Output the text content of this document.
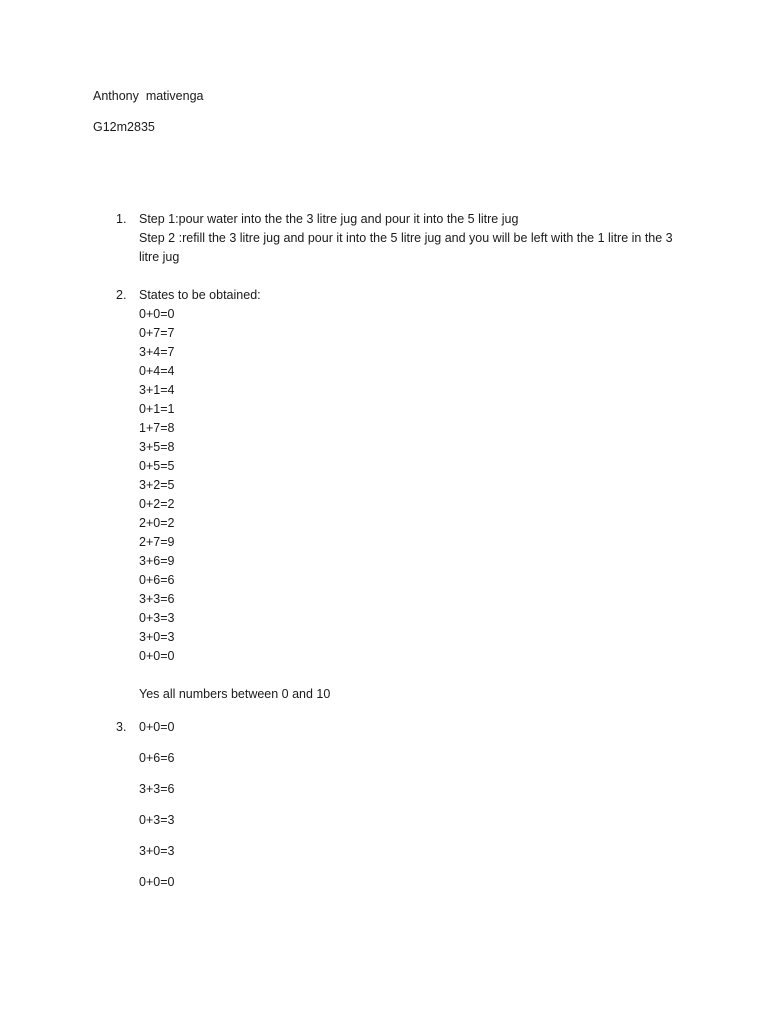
Anthony  mativenga
G12m2835
1. Step 1:pour water into the the 3 litre jug and pour it into the 5 litre jug
Step 2 :refill the 3 litre jug and pour it into the 5 litre jug and you will be left with the 1 litre in the 3 litre jug
2. States to be obtained:
0+0=0
0+7=7
3+4=7
0+4=4
3+1=4
0+1=1
1+7=8
3+5=8
0+5=5
3+2=5
0+2=2
2+0=2
2+7=9
3+6=9
0+6=6
3+3=6
0+3=3
3+0=3
0+0=0
Yes all numbers between 0 and 10
3. 0+0=0
0+6=6
3+3=6
0+3=3
3+0=3
0+0=0
